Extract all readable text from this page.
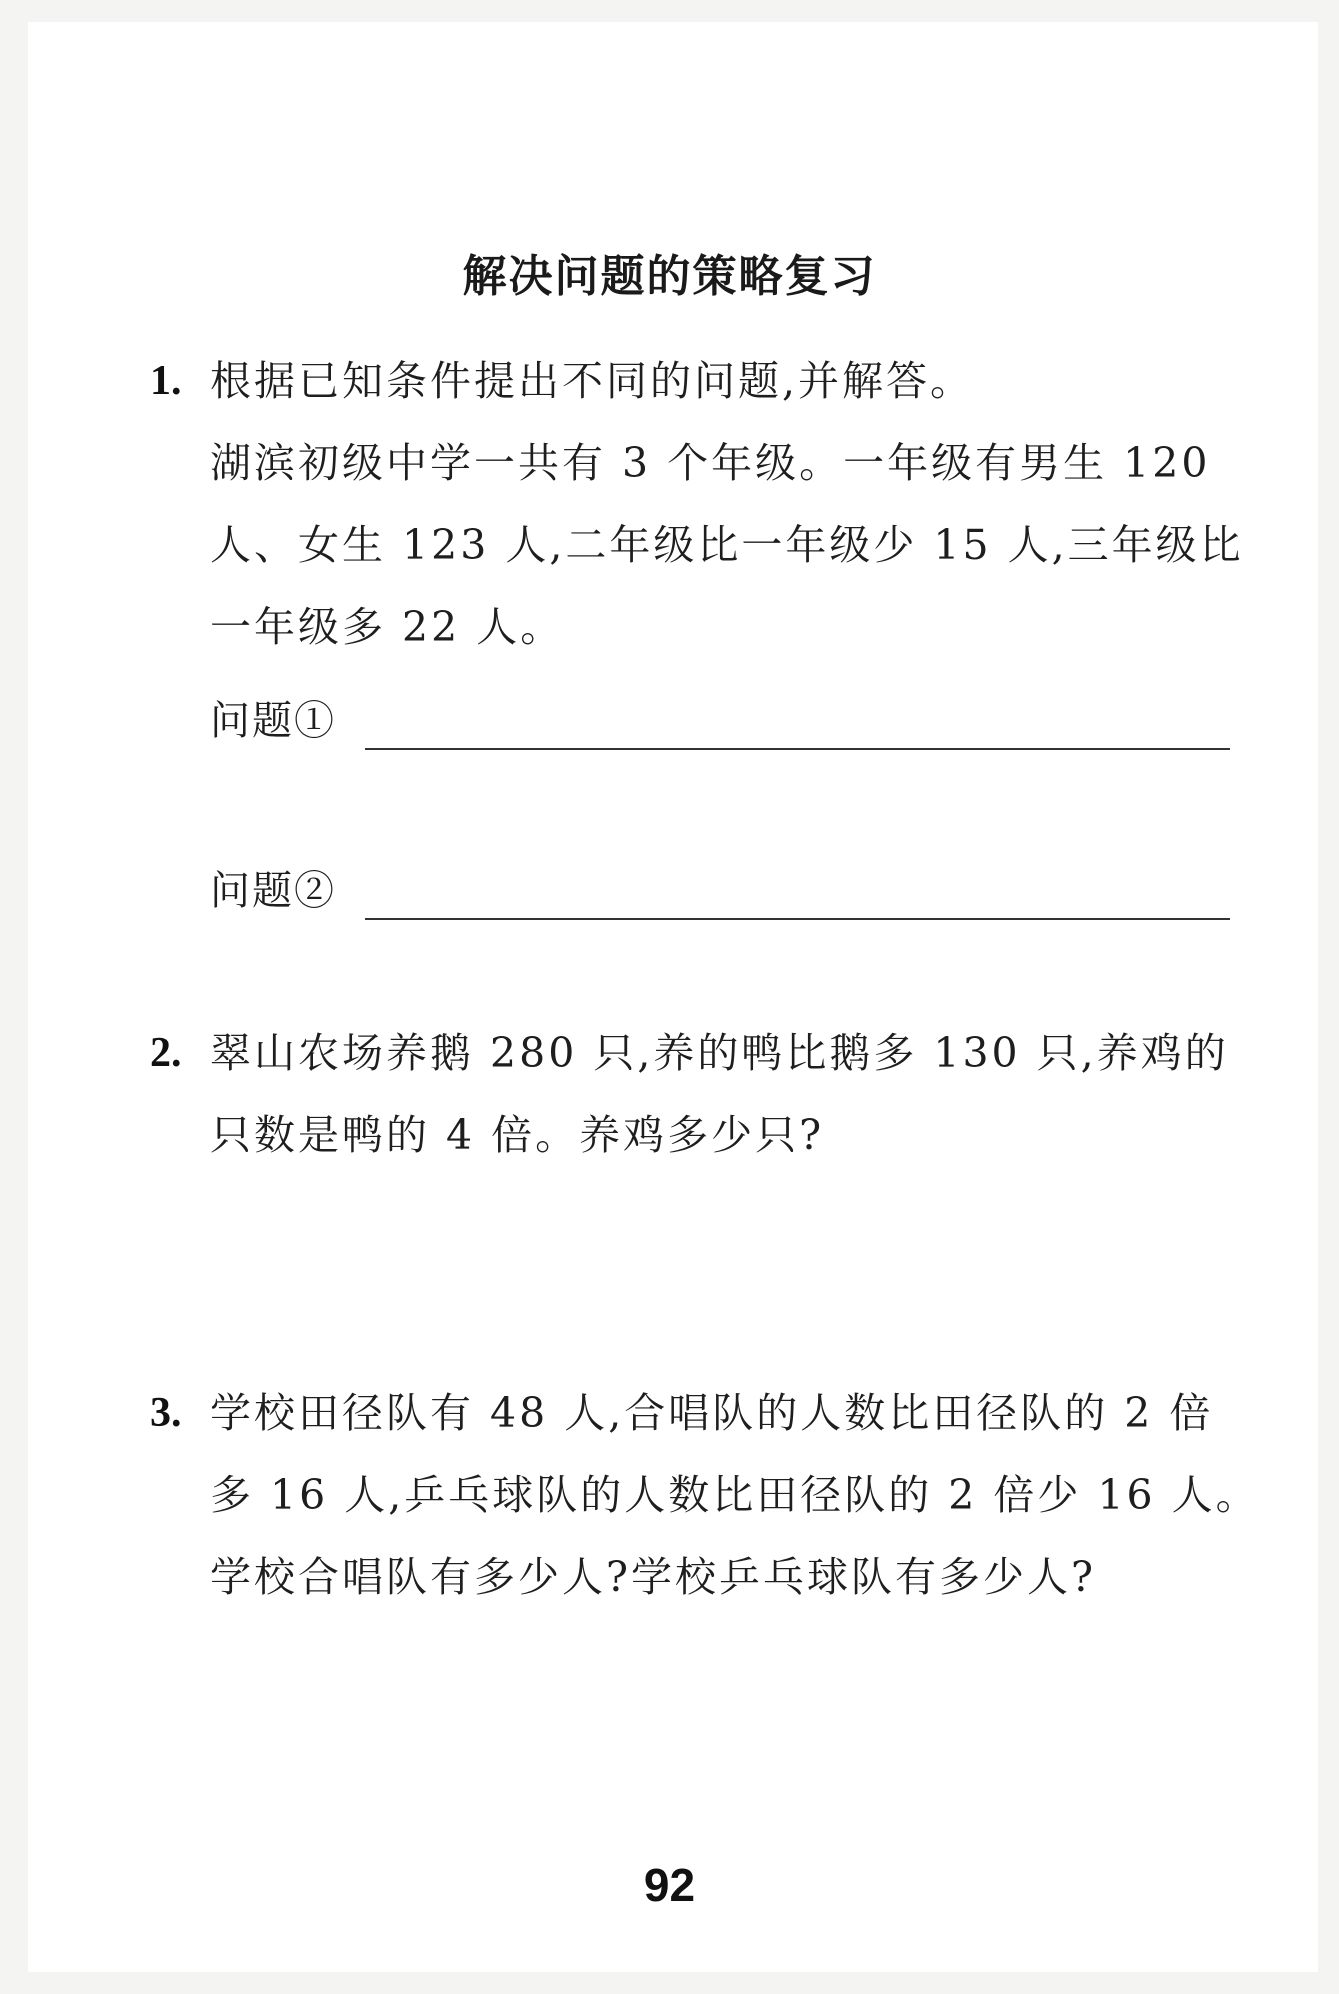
解决问题的策略复习
1. 根据已知条件提出不同的问题,并解答。
湖滨初级中学一共有 3 个年级。一年级有男生 120
人、女生 123 人,二年级比一年级少 15 人,三年级比
一年级多 22 人。
问题①
问题②
2. 翠山农场养鹅 280 只,养的鸭比鹅多 130 只,养鸡的
只数是鸭的 4 倍。养鸡多少只?
3. 学校田径队有 48 人,合唱队的人数比田径队的 2 倍
多 16 人,乒乓球队的人数比田径队的 2 倍少 16 人。
学校合唱队有多少人?学校乒乓球队有多少人?
92
